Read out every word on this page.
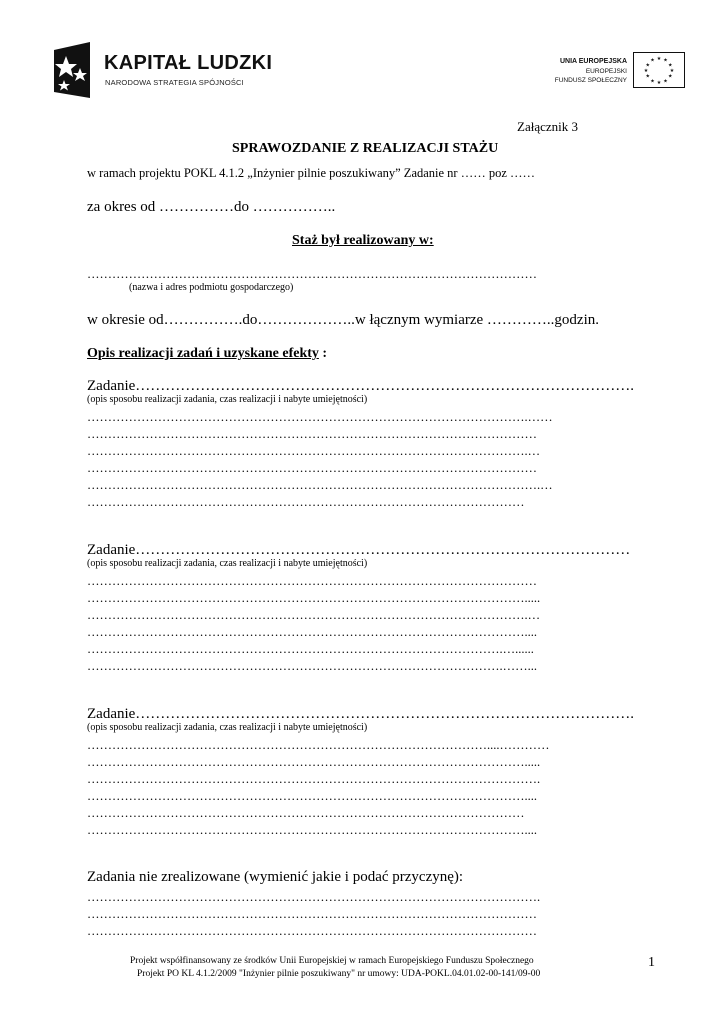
KAPITAŁ LUDZKI
NARODOWA STRATEGIA SPÓJNOŚCI
UNIA EUROPEJSKA
EUROPEJSKI
FUNDUSZ SPOŁECZNY
★ ★
★
★
★
★
★
★
★
★
★
★
Załącznik 3
SPRAWOZDANIE Z REALIZACJI STAŻU
w ramach projektu POKL 4.1.2 „Inżynier pilnie poszukiwany” Zadanie nr …… poz ……
za okres od ……………do ……………..
Staż był realizowany w:
………………………………………………………………………………………………
(nazwa i adres podmiotu gospodarczego)
w okresie od…………….do………………..w łącznym wymiarze …………..godzin.
Opis realizacji zadań i uzyskane efekty :
Zadanie……………………………………………………………………………………….
(opis sposobu realizacji zadania, czas realizacji i nabyte umiejętności)
…………………………………………………………………………………………….……
………………………………………………………………………………………………
…………………………………………………………………………………………….…
………………………………………………………………………………………………
……………………………………………………………………………………………….…
……………………………………………………………………………………………
Zadanie………………………………………………………………………………………
(opis sposobu realizacji zadania, czas realizacji i nabyte umiejętności)
………………………………………………………………………………………………
…………………………………………………………………………………………….....
…………………………………………………………………………………………….…
……………………………………………………………………………………………....
……………………………………………………………………………………….…......
……………………………………………………………………………………….……...
Zadanie……………………………………………………………………………………….
(opis sposobu realizacji zadania, czas realizacji i nabyte umiejętności)
……………………………………………………………………………………....…………
…………………………………………………………………………………………….....
……………………………………………………………………………………………….
……………………………………………………………………………………………....
……………………………………………………………………………………………
……………………………………………………………………………………………....
Zadania nie zrealizowane (wymienić jakie i podać przyczynę):
……………………………………………………………………………………………….
………………………………………………………………………………………………
………………………………………………………………………………………………
Projekt współfinansowany ze środków Unii Europejskiej w ramach Europejskiego Funduszu Społecznego
Projekt PO KL 4.1.2/2009 "Inżynier pilnie poszukiwany" nr umowy: UDA-POKL.04.01.02-00-141/09-00
1
